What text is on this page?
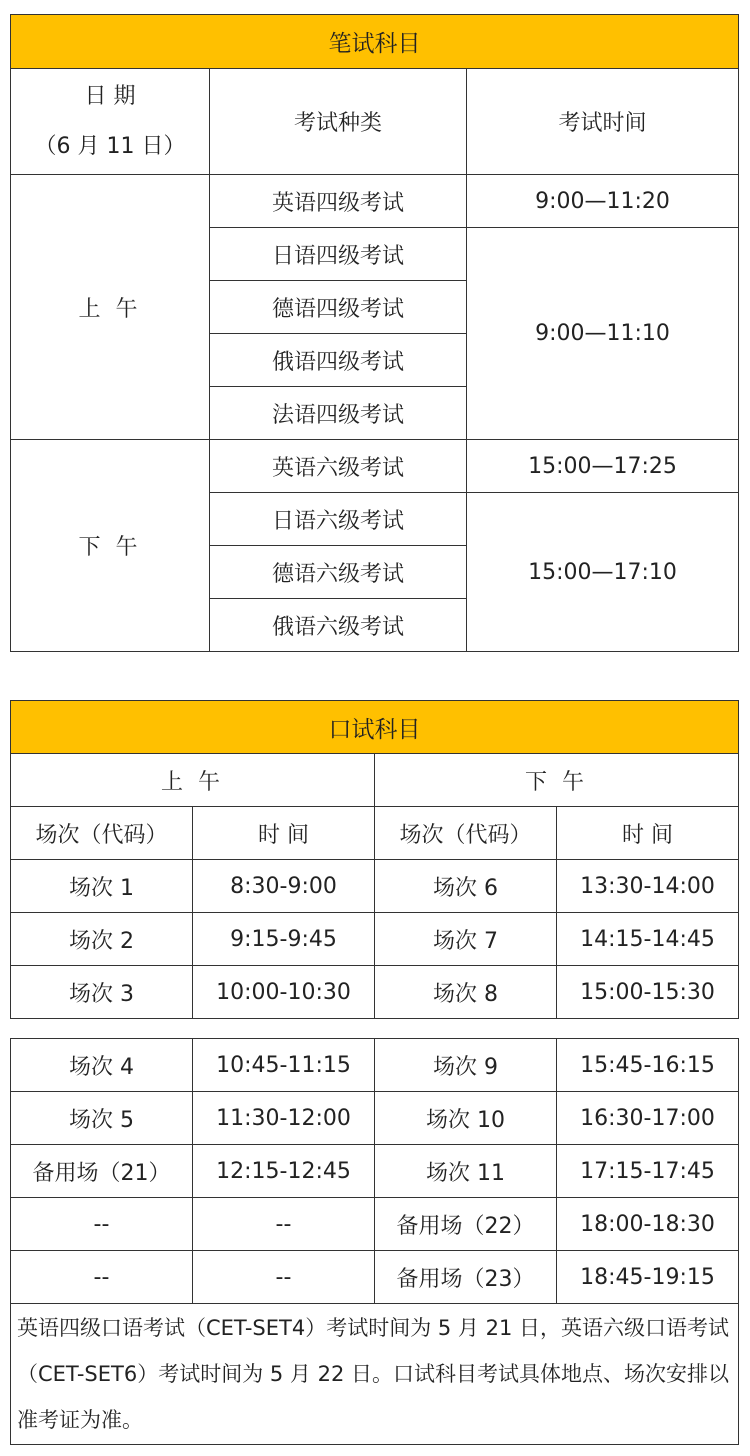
笔试科目		

日 期
（6 月 11 日）	考试种类	考试时间
上 午	英语四级考试	9:00—11:20
	日语四级考试	9:00—11:10
	德语四级考试	
	俄语四级考试	
	法语四级考试	
下 午	英语六级考试	15:00—17:25
	日语六级考试	15:00—17:10
	德语六级考试	
	俄语六级考试	
口试科目			
上 午		下 午	
场次（代码）	时 间	场次（代码）	时 间
场次 1	8:30-9:00	场次 6	13:30-14:00
场次 2	9:15-9:45	场次 7	14:15-14:45
场次 3	10:00-10:30	场次 8	15:00-15:30
场次 4	10:45-11:15	场次 9	15:45-16:15
场次 5	11:30-12:00	场次 10	16:30-17:00
备用场（21）	12:15-12:45	场次 11	17:15-17:45
--	--	备用场（22）	18:00-18:30
--	--	备用场（23）	18:45-19:15
英语四级口语考试（CET-SET4）考试时间为 5 月 21 日，英语六级口语考试（CET-SET6）考试时间为 5 月 22 日。口试科目考试具体地点、场次安排以准考证为准。			
